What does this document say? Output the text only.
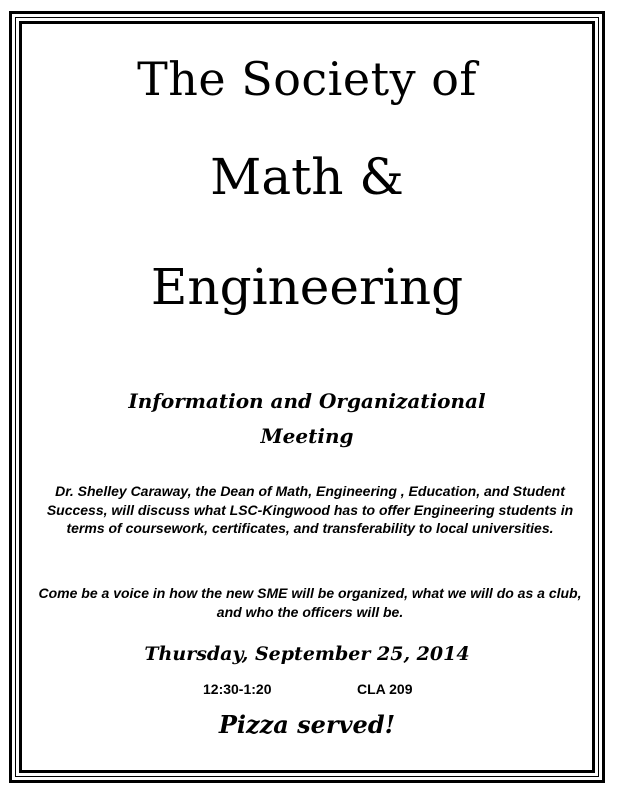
The Society of
Math &
Engineering
Information and Organizational
Meeting

Dr. Shelley Caraway, the Dean of Math, Engineering , Education, and Student Success, will discuss what LSC-Kingwood has to offer Engineering students in terms of coursework, certificates, and transferability to local universities.

Come be a voice in how the new SME will be organized, what we will do as a club, and who the officers will be.

Thursday, September 25, 2014
12:30-1:20	CLA 209
Pizza served!
